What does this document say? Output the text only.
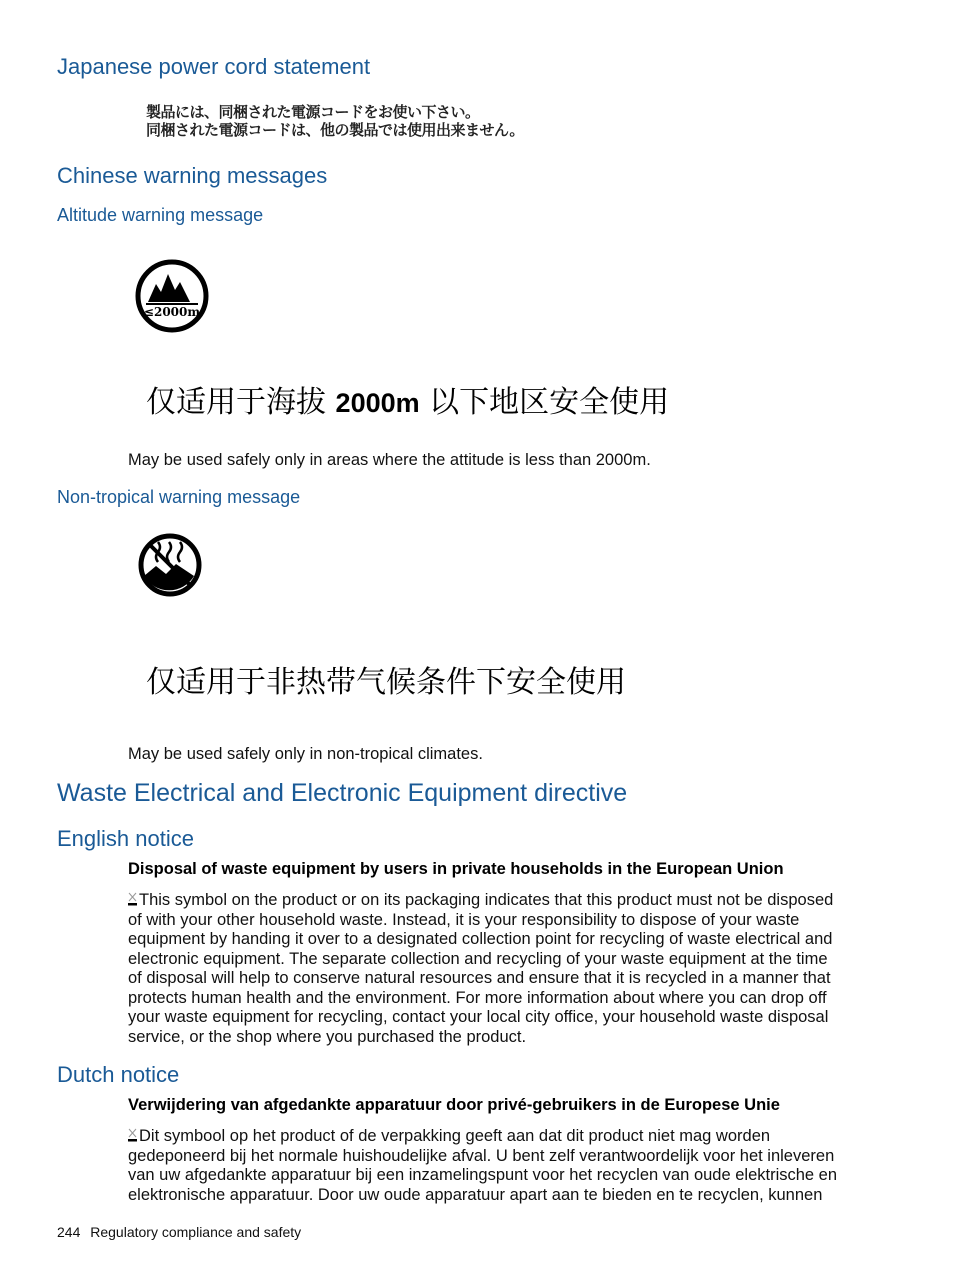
Japanese power cord statement
製品には、同梱された電源コードをお使い下さい。
同梱された電源コードは、他の製品では使用出来ません。
Chinese warning messages
Altitude warning message
≤2000m
仅适用于海拔 2000m 以下地区安全使用
May be used safely only in areas where the attitude is less than 2000m.
Non-tropical warning message
仅适用于非热带气候条件下安全使用
May be used safely only in non-tropical climates.
Waste Electrical and Electronic Equipment directive
English notice
Disposal of waste equipment by users in private households in the European Union
This symbol on the product or on its packaging indicates that this product must not be disposed
of with your other household waste. Instead, it is your responsibility to dispose of your waste
equipment by handing it over to a designated collection point for recycling of waste electrical and
electronic equipment. The separate collection and recycling of your waste equipment at the time
of disposal will help to conserve natural resources and ensure that it is recycled in a manner that
protects human health and the environment. For more information about where you can drop off
your waste equipment for recycling, contact your local city office, your household waste disposal
service, or the shop where you purchased the product.
Dutch notice
Verwijdering van afgedankte apparatuur door privé-gebruikers in de Europese Unie
Dit symbool op het product of de verpakking geeft aan dat dit product niet mag worden
gedeponeerd bij het normale huishoudelijke afval. U bent zelf verantwoordelijk voor het inleveren
van uw afgedankte apparatuur bij een inzamelingspunt voor het recyclen van oude elektrische en
elektronische apparatuur. Door uw oude apparatuur apart aan te bieden en te recyclen, kunnen
244 Regulatory compliance and safety
